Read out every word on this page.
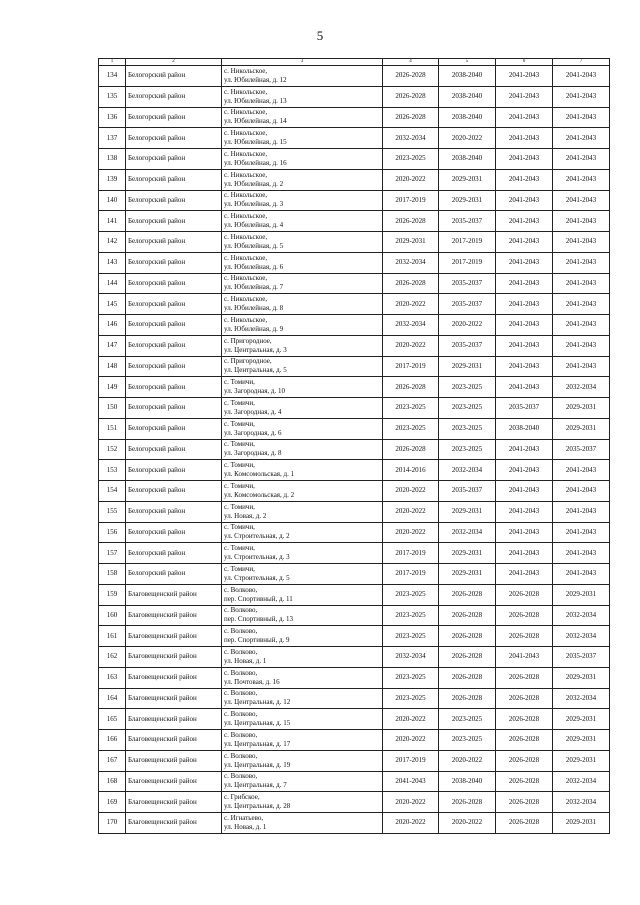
5
1	2	3	4	5	6	7
134	Белогорский район	с. Никольское,
ул. Юбилейная, д. 12	2026-2028	2038-2040	2041-2043	2041-2043
135	Белогорский район	с. Никольское,
ул. Юбилейная, д. 13	2026-2028	2038-2040	2041-2043	2041-2043
136	Белогорский район	с. Никольское,
ул. Юбилейная, д. 14	2026-2028	2038-2040	2041-2043	2041-2043
137	Белогорский район	с. Никольское,
ул. Юбилейная, д. 15	2032-2034	2020-2022	2041-2043	2041-2043
138	Белогорский район	с. Никольское,
ул. Юбилейная, д. 16	2023-2025	2038-2040	2041-2043	2041-2043
139	Белогорский район	с. Никольское,
ул. Юбилейная, д. 2	2020-2022	2029-2031	2041-2043	2041-2043
140	Белогорский район	с. Никольское,
ул. Юбилейная, д. 3	2017-2019	2029-2031	2041-2043	2041-2043
141	Белогорский район	с. Никольское,
ул. Юбилейная, д. 4	2026-2028	2035-2037	2041-2043	2041-2043
142	Белогорский район	с. Никольское,
ул. Юбилейная, д. 5	2029-2031	2017-2019	2041-2043	2041-2043
143	Белогорский район	с. Никольское,
ул. Юбилейная, д. 6	2032-2034	2017-2019	2041-2043	2041-2043
144	Белогорский район	с. Никольское,
ул. Юбилейная, д. 7	2026-2028	2035-2037	2041-2043	2041-2043
145	Белогорский район	с. Никольское,
ул. Юбилейная, д. 8	2020-2022	2035-2037	2041-2043	2041-2043
146	Белогорский район	с. Никольское,
ул. Юбилейная, д. 9	2032-2034	2020-2022	2041-2043	2041-2043
147	Белогорский район	с. Пригородное,
ул. Центральная, д. 3	2020-2022	2035-2037	2041-2043	2041-2043
148	Белогорский район	с. Пригородное,
ул. Центральная, д. 5	2017-2019	2029-2031	2041-2043	2041-2043
149	Белогорский район	с. Томичи,
ул. Загородная, д. 10	2026-2028	2023-2025	2041-2043	2032-2034
150	Белогорский район	с. Томичи,
ул. Загородная, д. 4	2023-2025	2023-2025	2035-2037	2029-2031
151	Белогорский район	с. Томичи,
ул. Загородная, д. 6	2023-2025	2023-2025	2038-2040	2029-2031
152	Белогорский район	с. Томичи,
ул. Загородная, д. 8	2026-2028	2023-2025	2041-2043	2035-2037
153	Белогорский район	с. Томичи,
ул. Комсомольская, д. 1	2014-2016	2032-2034	2041-2043	2041-2043
154	Белогорский район	с. Томичи,
ул. Комсомольская, д. 2	2020-2022	2035-2037	2041-2043	2041-2043
155	Белогорский район	с. Томичи,
ул. Новая, д. 2	2020-2022	2029-2031	2041-2043	2041-2043
156	Белогорский район	с. Томичи,
ул. Строительная, д. 2	2020-2022	2032-2034	2041-2043	2041-2043
157	Белогорский район	с. Томичи,
ул. Строительная, д. 3	2017-2019	2029-2031	2041-2043	2041-2043
158	Белогорский район	с. Томичи,
ул. Строительная, д. 5	2017-2019	2029-2031	2041-2043	2041-2043
159	Благовещенский район	с. Волково,
пер. Спортивный, д. 11	2023-2025	2026-2028	2026-2028	2029-2031
160	Благовещенский район	с. Волково,
пер. Спортивный, д. 13	2023-2025	2026-2028	2026-2028	2032-2034
161	Благовещенский район	с. Волково,
пер. Спортивный, д. 9	2023-2025	2026-2028	2026-2028	2032-2034
162	Благовещенский район	с. Волково,
ул. Новая, д. 1	2032-2034	2026-2028	2041-2043	2035-2037
163	Благовещенский район	с. Волково,
ул. Почтовая, д. 16	2023-2025	2026-2028	2026-2028	2029-2031
164	Благовещенский район	с. Волково,
ул. Центральная, д. 12	2023-2025	2026-2028	2026-2028	2032-2034
165	Благовещенский район	с. Волково,
ул. Центральная, д. 15	2020-2022	2023-2025	2026-2028	2029-2031
166	Благовещенский район	с. Волково,
ул. Центральная, д. 17	2020-2022	2023-2025	2026-2028	2029-2031
167	Благовещенский район	с. Волково,
ул. Центральная, д. 19	2017-2019	2020-2022	2026-2028	2029-2031
168	Благовещенский район	с. Волково,
ул. Центральная, д. 7	2041-2043	2038-2040	2026-2028	2032-2034
169	Благовещенский район	с. Грибское,
ул. Центральная, д. 28	2020-2022	2026-2028	2026-2028	2032-2034
170	Благовещенский район	с. Игнатьево,
ул. Новая, д. 1	2020-2022	2020-2022	2026-2028	2029-2031
